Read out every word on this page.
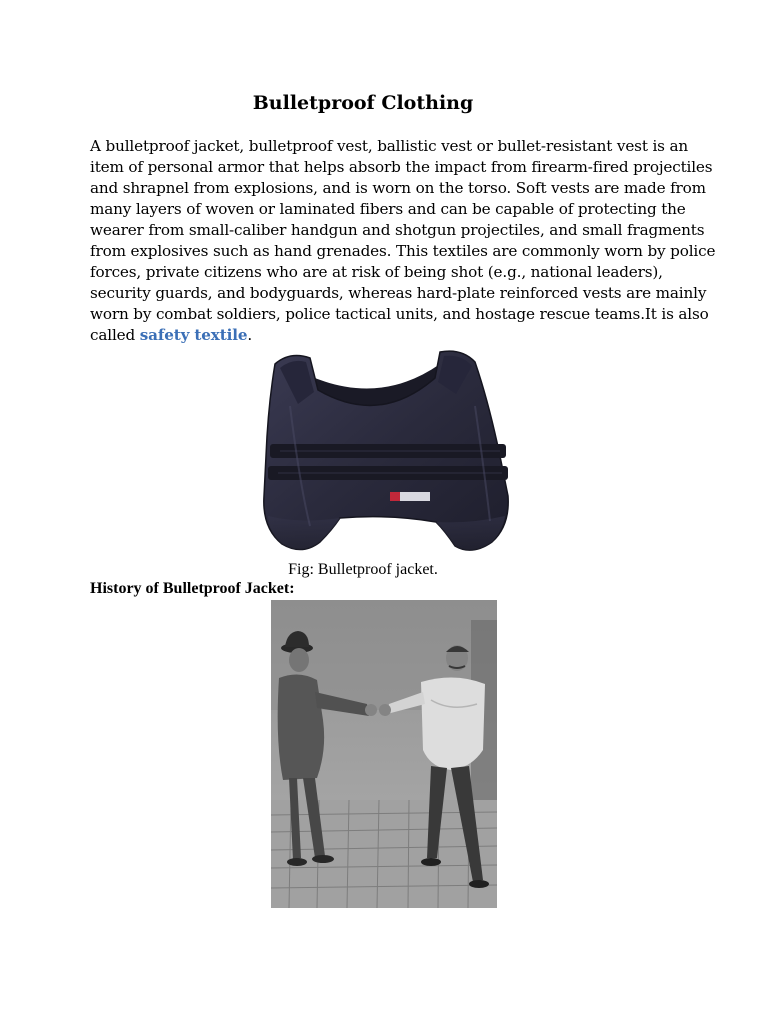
Bulletproof Clothing

A bulletproof jacket, bulletproof vest, ballistic vest or bullet-resistant vest is an
item of personal armor that helps absorb the impact from firearm-fired projectiles
and shrapnel from explosions, and is worn on the torso. Soft vests are made from
many layers of woven or laminated fibers and can be capable of protecting the
wearer from small-caliber handgun and shotgun projectiles, and small fragments
from explosives such as hand grenades. This textiles are commonly worn by police
forces, private citizens who are at risk of being shot (e.g., national leaders),
security guards, and bodyguards, whereas hard-plate reinforced vests are mainly
worn by combat soldiers, police tactical units, and hostage rescue teams.It is also
called safety textile.

Fig: Bulletproof jacket.

History of Bulletproof Jacket:
